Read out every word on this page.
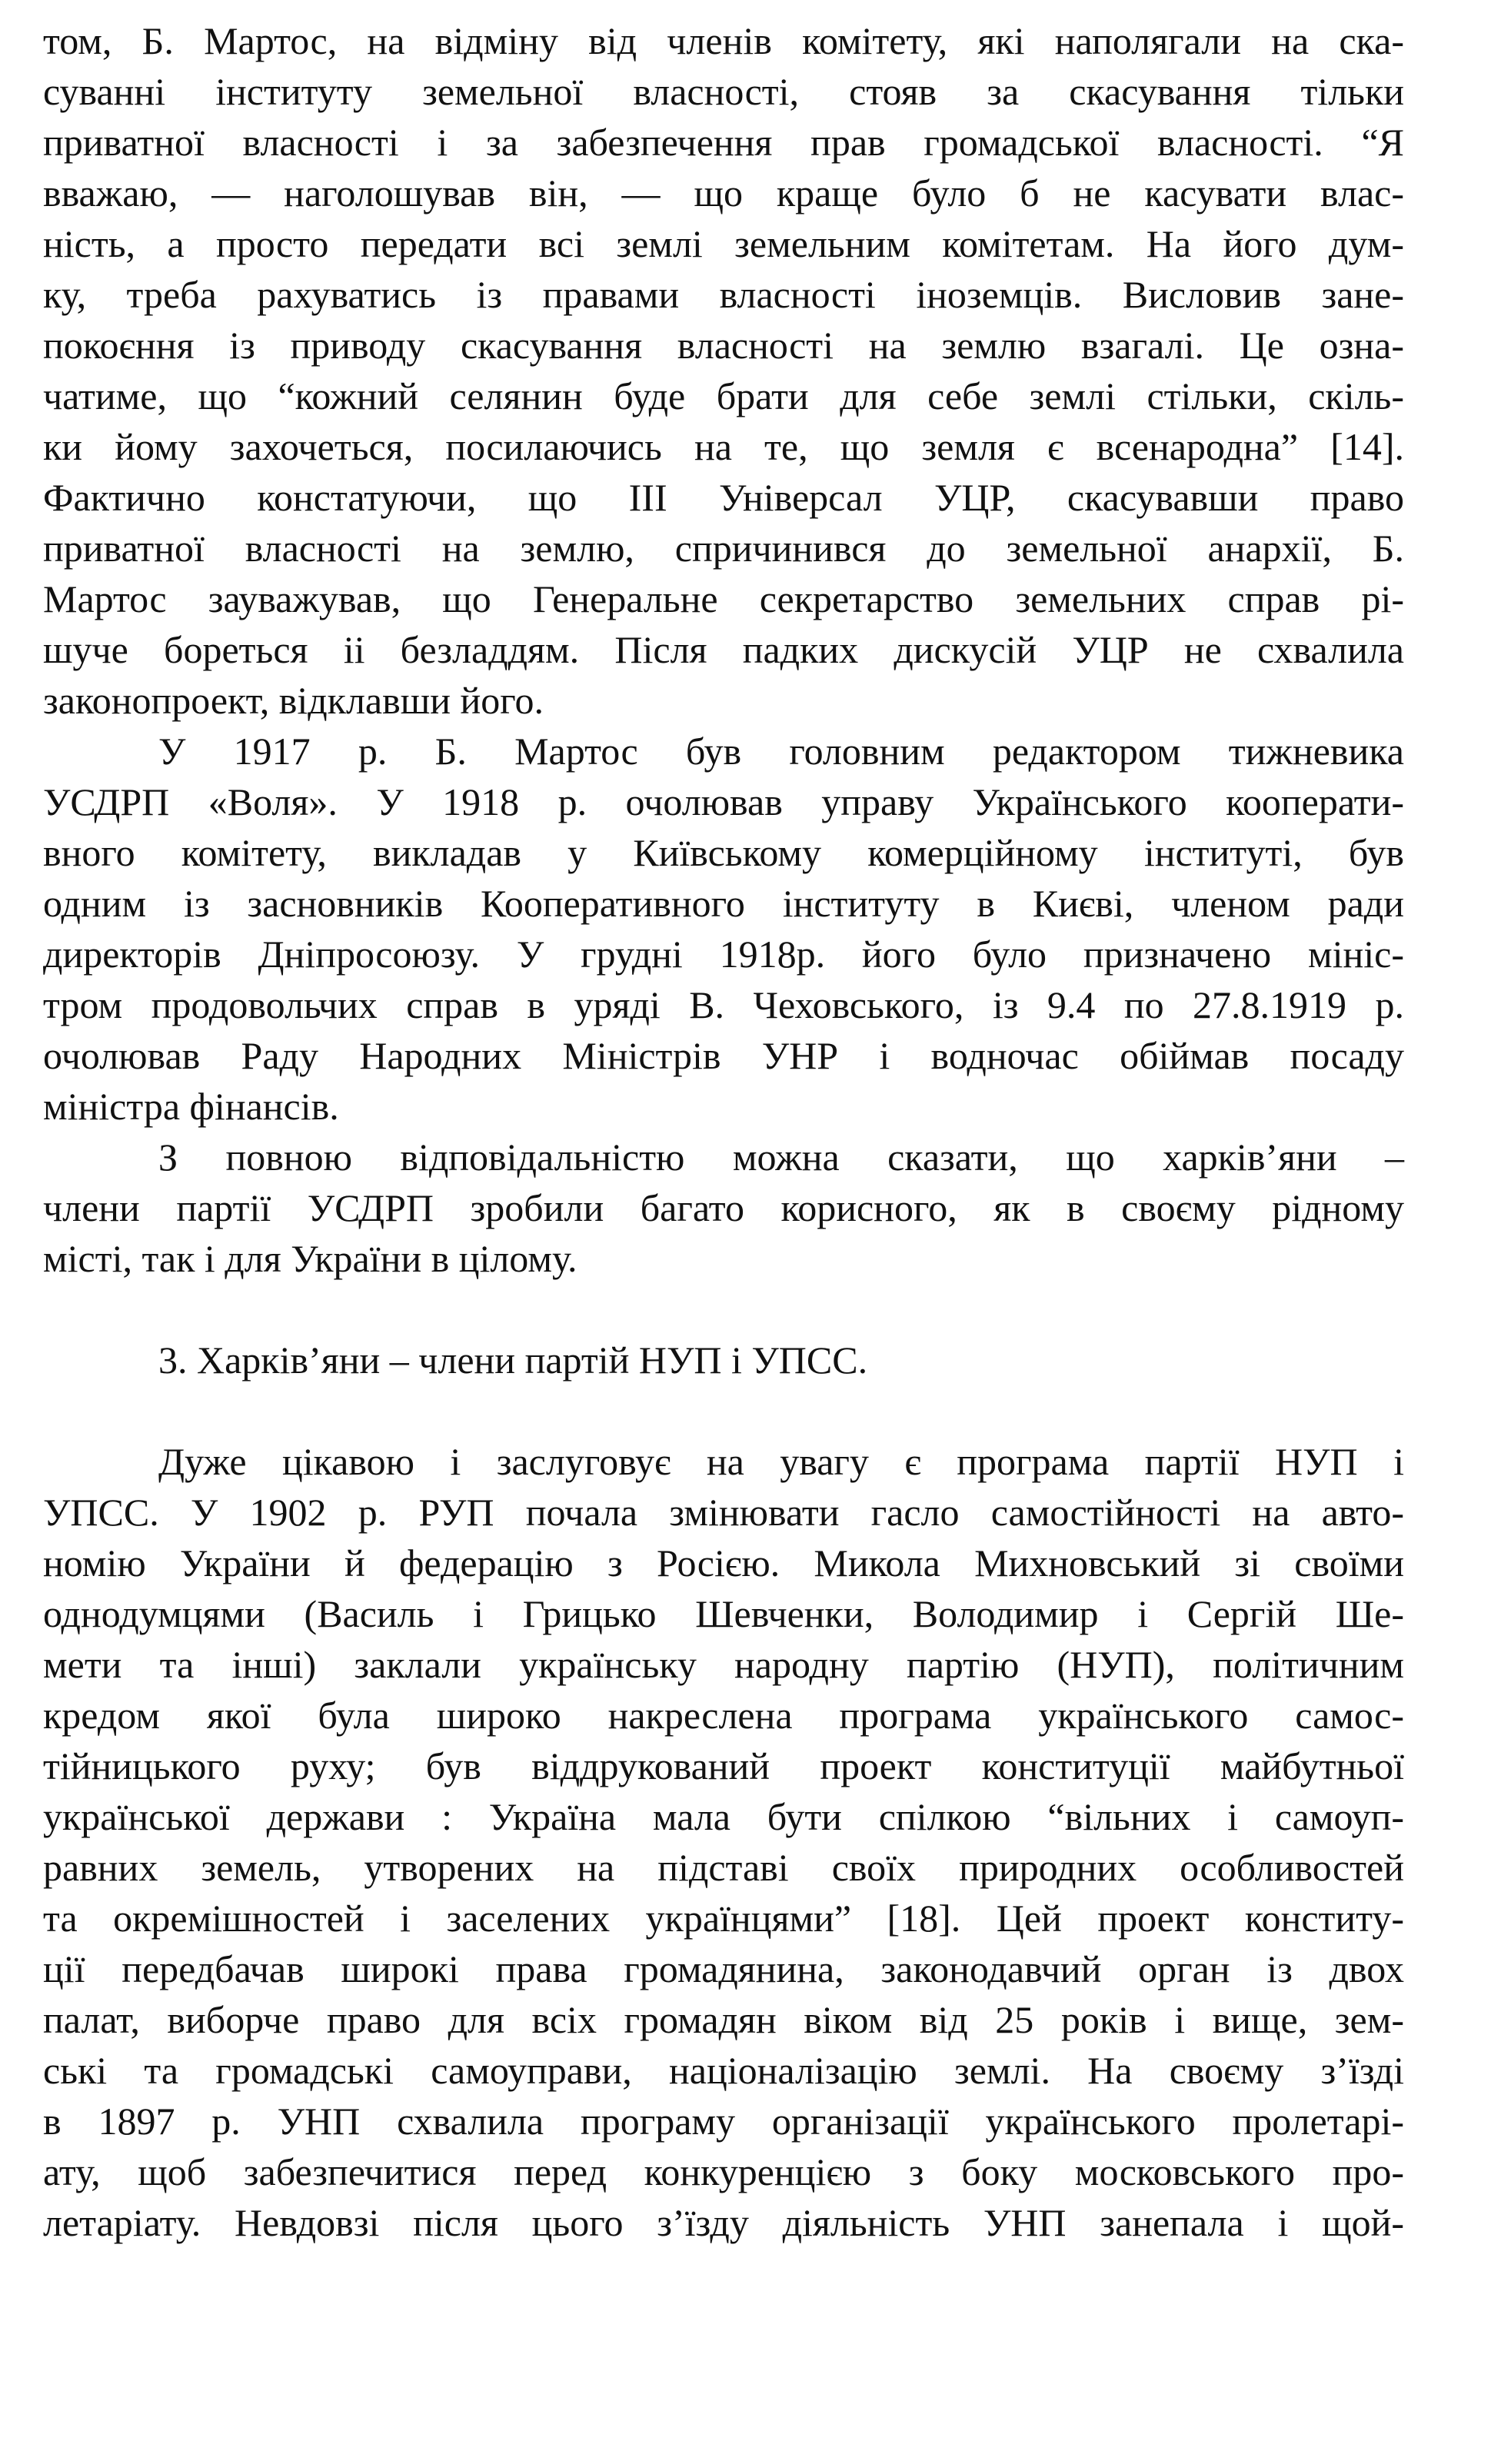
том, Б. Мартос, на відміну від членів комітету, які наполягали на ска-
суванні інституту земельної власності, стояв за скасування тільки
приватної власності і за забезпечення прав громадської власності. “Я
вважаю, — наголошував він, — що краще було б не касувати влас-
ність, а просто передати всі землі земельним комітетам. На його дум-
ку, треба рахуватись із правами власності іноземців. Висловив зане-
покоєння із приводу скасування власності на землю взагалі. Це озна-
чатиме, що “кожний селянин буде брати для себе землі стільки, скіль-
ки йому захочеться, посилаючись на те, що земля є всенародна” [14].
Фактично констатуючи, що ІІІ Універсал УЦР, скасувавши право
приватної власності на землю, спричинився до земельної анархії, Б.
Мартос зауважував, що Генеральне секретарство земельних справ рі-
шуче бореться іі безладдям. Після падких дискусій УЦР не схвалила
законопроект, відклавши його.
У 1917 р. Б. Мартос був головним редактором тижневика
УСДРП «Воля». У 1918 р. очолював управу Українського кооперати-
вного комітету, викладав у Київському комерційному інституті, був
одним із засновників Кооперативного інституту в Києві, членом ради
директорів Дніпросоюзу. У грудні 1918р. його було призначено мініс-
тром продовольчих справ в уряді В. Чеховського, із 9.4 по 27.8.1919 р.
очолював Раду Народних Міністрів УНР і водночас обіймав посаду
міністра фінансів.
З повною відповідальністю можна сказати, що харків’яни –
члени партії УСДРП зробили багато корисного, як в своєму рідному
місті, так і для України в цілому.
3. Харків’яни – члени партій НУП і УПСС.
Дуже цікавою і заслуговує на увагу є програма партії НУП і
УПСС. У 1902 р. РУП почала змінювати гасло самостійності на авто-
номію України й федерацію з Росією. Микола Михновський зі своїми
однодумцями (Василь і Грицько Шевченки, Володимир і Сергій Ше-
мети та інші) заклали українську народну партію (НУП), політичним
кредом якої була широко накреслена програма українського самос-
тійницького руху; був віддрукований проект конституції майбутньої
української держави : Україна мала бути спілкою “вільних і самоуп-
равних земель, утворених на підставі своїх природних особливостей
та окремішностей і заселених українцями” [18]. Цей проект конститу-
ції передбачав широкі права громадянина, законодавчий орган із двох
палат, виборче право для всіх громадян віком від 25 років і вище, зем-
ські та громадські самоуправи, націоналізацію землі. На своєму з’їзді
в 1897 р. УНП схвалила програму організації українського пролетарі-
ату, щоб забезпечитися перед конкуренцією з боку московського про-
летаріату. Невдовзі після цього з’їзду діяльність УНП занепала і щой-
